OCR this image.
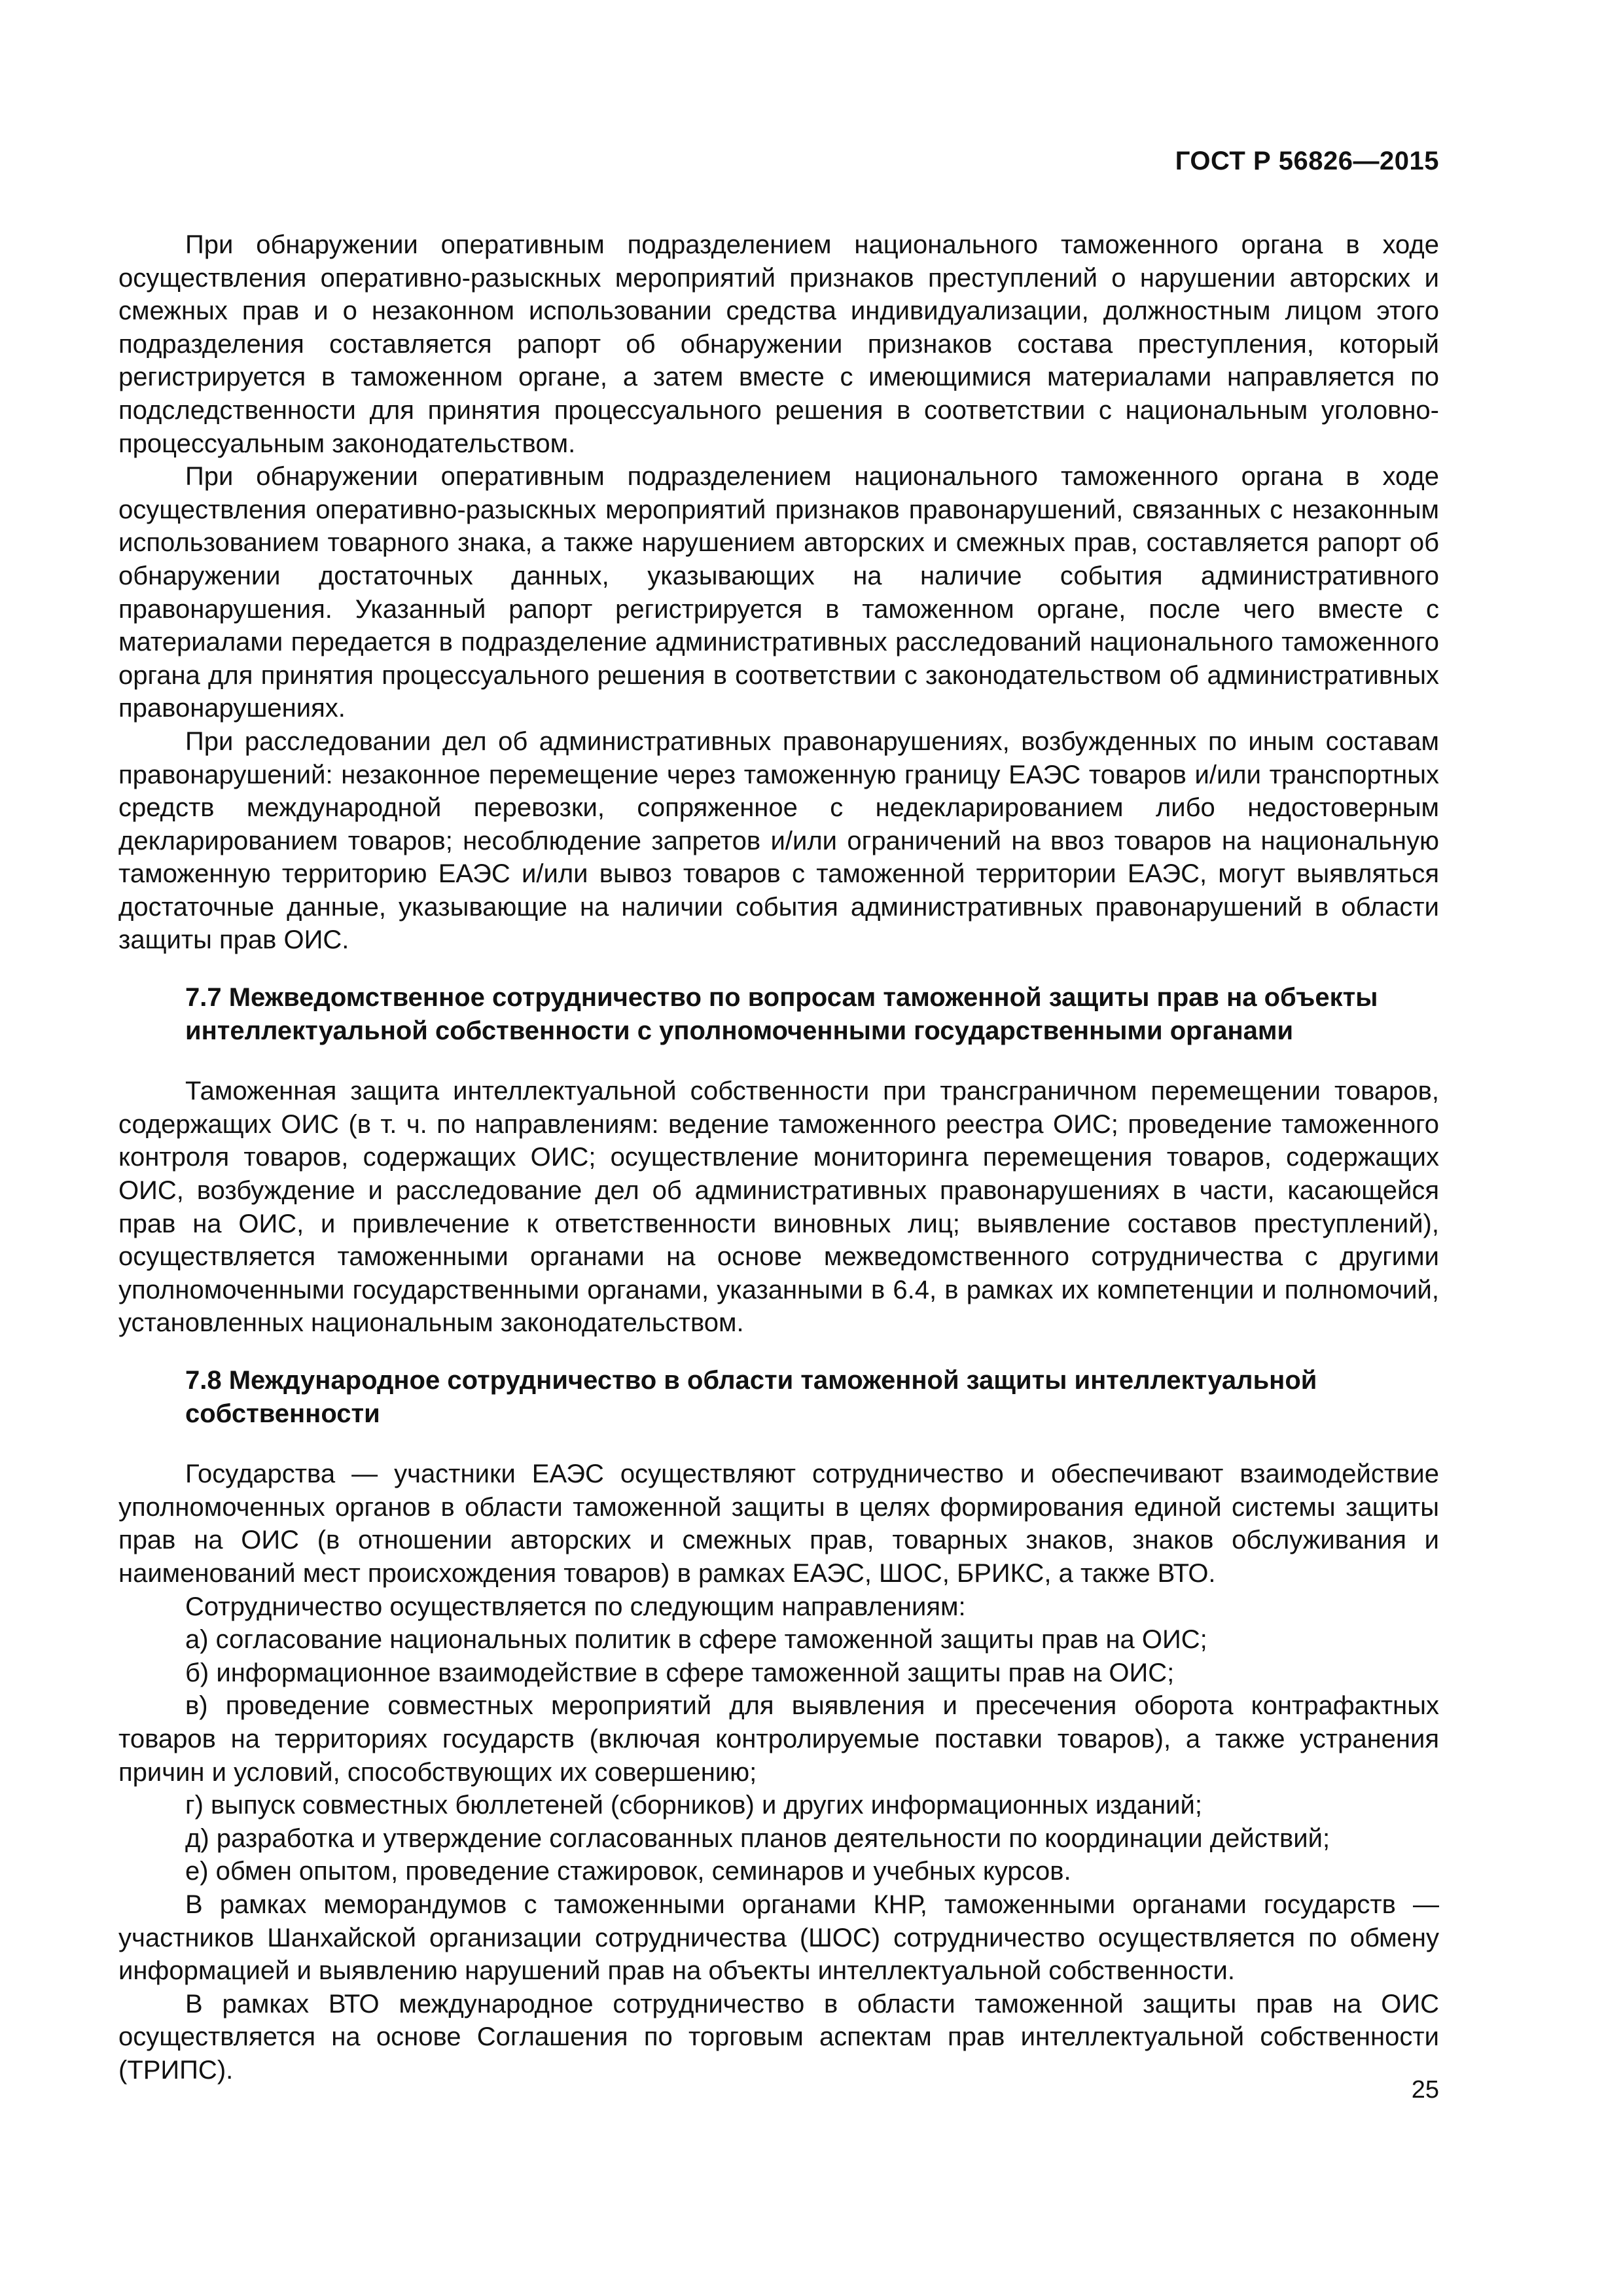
ГОСТ Р 56826—2015

При обнаружении оперативным подразделением национального таможенного органа в ходе осуществления оперативно-разыскных мероприятий признаков преступлений о нарушении авторских и смежных прав и о незаконном использовании средства индивидуализации, должностным лицом этого подразделения составляется рапорт об обнаружении признаков состава преступления, который регистрируется в таможенном органе, а затем вместе с имеющимися материалами направляется по подследственности для принятия процессуального решения в соответствии с национальным уголовно-процессуальным законодательством.

При обнаружении оперативным подразделением национального таможенного органа в ходе осуществления оперативно-разыскных мероприятий признаков правонарушений, связанных с незаконным использованием товарного знака, а также нарушением авторских и смежных прав, составляется рапорт об обнаружении достаточных данных, указывающих на наличие события административного правонарушения. Указанный рапорт регистрируется в таможенном органе, после чего вместе с материалами передается в подразделение административных расследований национального таможенного органа для принятия процессуального решения в соответствии с законодательством об административных правонарушениях.

При расследовании дел об административных правонарушениях, возбужденных по иным составам правонарушений: незаконное перемещение через таможенную границу ЕАЭС товаров и/или транспортных средств международной перевозки, сопряженное с недекларированием либо недостоверным декларированием товаров; несоблюдение запретов и/или ограничений на ввоз товаров на национальную таможенную территорию ЕАЭС и/или вывоз товаров с таможенной территории ЕАЭС, могут выявляться достаточные данные, указывающие на наличии события административных правонарушений в области защиты прав ОИС.

7.7 Межведомственное сотрудничество по вопросам таможенной защиты прав на объекты интеллектуальной собственности с уполномоченными государственными органами

Таможенная защита интеллектуальной собственности при трансграничном перемещении товаров, содержащих ОИС (в т. ч. по направлениям: ведение таможенного реестра ОИС; проведение таможенного контроля товаров, содержащих ОИС; осуществление мониторинга перемещения товаров, содержащих ОИС, возбуждение и расследование дел об административных правонарушениях в части, касающейся прав на ОИС, и привлечение к ответственности виновных лиц; выявление составов преступлений), осуществляется таможенными органами на основе межведомственного сотрудничества с другими уполномоченными государственными органами, указанными в 6.4, в рамках их компетенции и полномочий, установленных национальным законодательством.

7.8 Международное сотрудничество в области таможенной защиты интеллектуальной собственности

Государства — участники ЕАЭС осуществляют сотрудничество и обеспечивают взаимодействие уполномоченных органов в области таможенной защиты в целях формирования единой системы защиты прав на ОИС (в отношении авторских и смежных прав, товарных знаков, знаков обслуживания и наименований мест происхождения товаров) в рамках ЕАЭС, ШОС, БРИКС, а также ВТО.

Сотрудничество осуществляется по следующим направлениям:

а) согласование национальных политик в сфере таможенной защиты прав на ОИС;

б) информационное взаимодействие в сфере таможенной защиты прав на ОИС;

в) проведение совместных мероприятий для выявления и пресечения оборота контрафактных товаров на территориях государств (включая контролируемые поставки товаров), а также устранения причин и условий, способствующих их совершению;

г) выпуск совместных бюллетеней (сборников) и других информационных изданий;

д) разработка и утверждение согласованных планов деятельности по координации действий;

е) обмен опытом, проведение стажировок, семинаров и учебных курсов.

В рамках меморандумов с таможенными органами КНР, таможенными органами государств — участников Шанхайской организации сотрудничества (ШОС) сотрудничество осуществляется по обмену информацией и выявлению нарушений прав на объекты интеллектуальной собственности.

В рамках ВТО международное сотрудничество в области таможенной защиты прав на ОИС осуществляется на основе Соглашения по торговым аспектам прав интеллектуальной собственности (ТРИПС).

25
